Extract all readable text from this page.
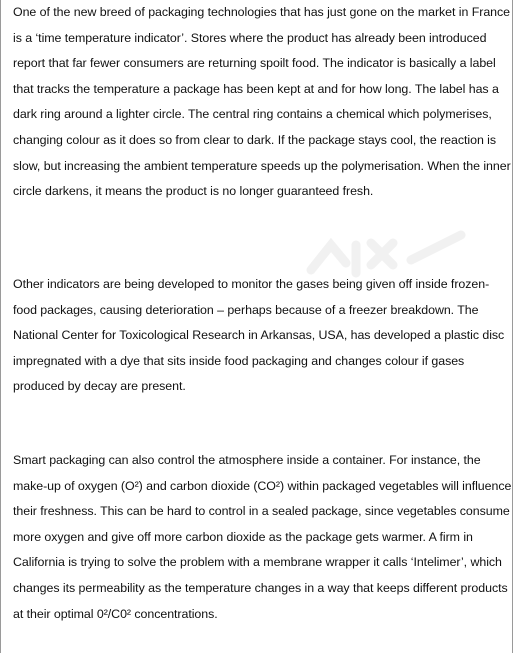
One of the new breed of packaging technologies that has just gone on the market in France is a ‘time temperature indicator’. Stores where the product has already been introduced report that far fewer consumers are returning spoilt food. The indicator is basically a label that tracks the temperature a package has been kept at and for how long. The label has a dark ring around a lighter circle. The central ring contains a chemical which polymerises, changing colour as it does so from clear to dark. If the package stays cool, the reaction is slow, but increasing the ambient temperature speeds up the polymerisation. When the inner circle darkens, it means the product is no longer guaranteed fresh.

Other indicators are being developed to monitor the gases being given off inside frozen-food packages, causing deterioration – perhaps because of a freezer breakdown. The National Center for Toxicological Research in Arkansas, USA, has developed a plastic disc impregnated with a dye that sits inside food packaging and changes colour if gases produced by decay are present.

Smart packaging can also control the atmosphere inside a container. For instance, the make-up of oxygen (O²) and carbon dioxide (CO²) within packaged vegetables will influence their freshness. This can be hard to control in a sealed package, since vegetables consume more oxygen and give off more carbon dioxide as the package gets warmer. A firm in California is trying to solve the problem with a membrane wrapper it calls ‘Intelimer’, which changes its permeability as the temperature changes in a way that keeps different products at their optimal 0²/C0² concentrations.
